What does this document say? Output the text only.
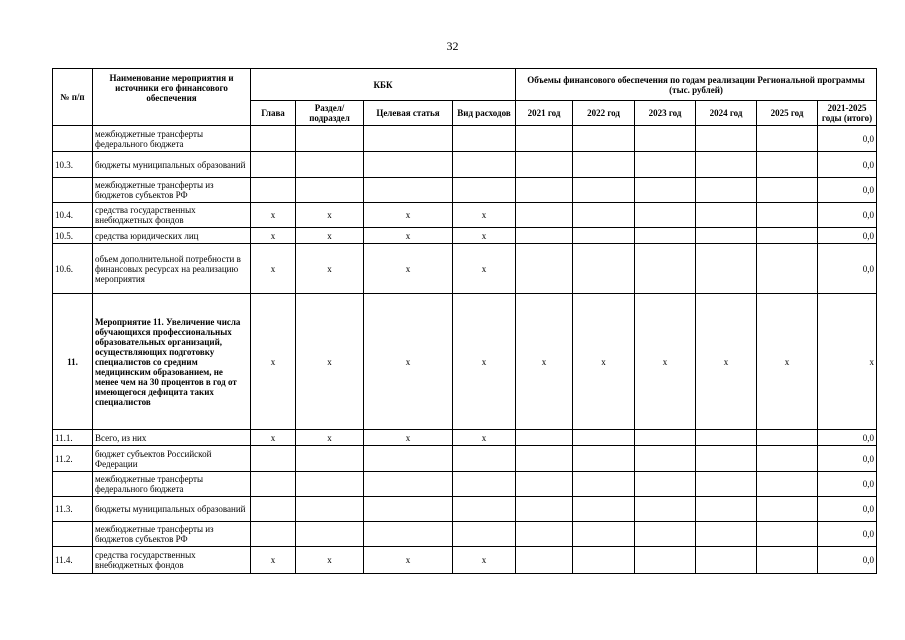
32
№ п/п	Наименование мероприятия и источники его финансового обеспечения	КБК				Объемы финансового обеспечения по годам реализации Региональной программы (тыс. рублей)					
		Глава	Раздел/ подраздел	Целевая статья	Вид расходов	2021 год	2022 год	2023 год	2024 год	2025 год	2021-2025 годы (итого)
	межбюджетные трансферты федерального бюджета										0,0
10.3.	бюджеты муниципальных образований										0,0
	межбюджетные трансферты из бюджетов субъектов РФ										0,0
10.4.	средства государственных внебюджетных фондов	х	х	х	х						0,0
10.5.	средства юридических лиц	х	х	х	х						0,0
10.6.	объем дополнительной потребности в финансовых ресурсах на реализацию мероприятия	х	х	х	х						0,0
11.	Мероприятие 11. Увеличение числа обучающихся профессиональных образовательных организаций, осуществляющих подготовку специалистов со средним медицинским образованием, не менее чем на 30 процентов в год от имеющегося дефицита таких специалистов	х	х	х	х	х	х	х	х	х	х
11.1.	Всего, из них	х	х	х	х						0,0
11.2.	бюджет субъектов Российской Федерации										0,0
	межбюджетные трансферты федерального бюджета										0,0
11.3.	бюджеты муниципальных образований										0,0
	межбюджетные трансферты из бюджетов субъектов РФ										0,0
11.4.	средства государственных внебюджетных фондов	х	х	х	х						0,0
